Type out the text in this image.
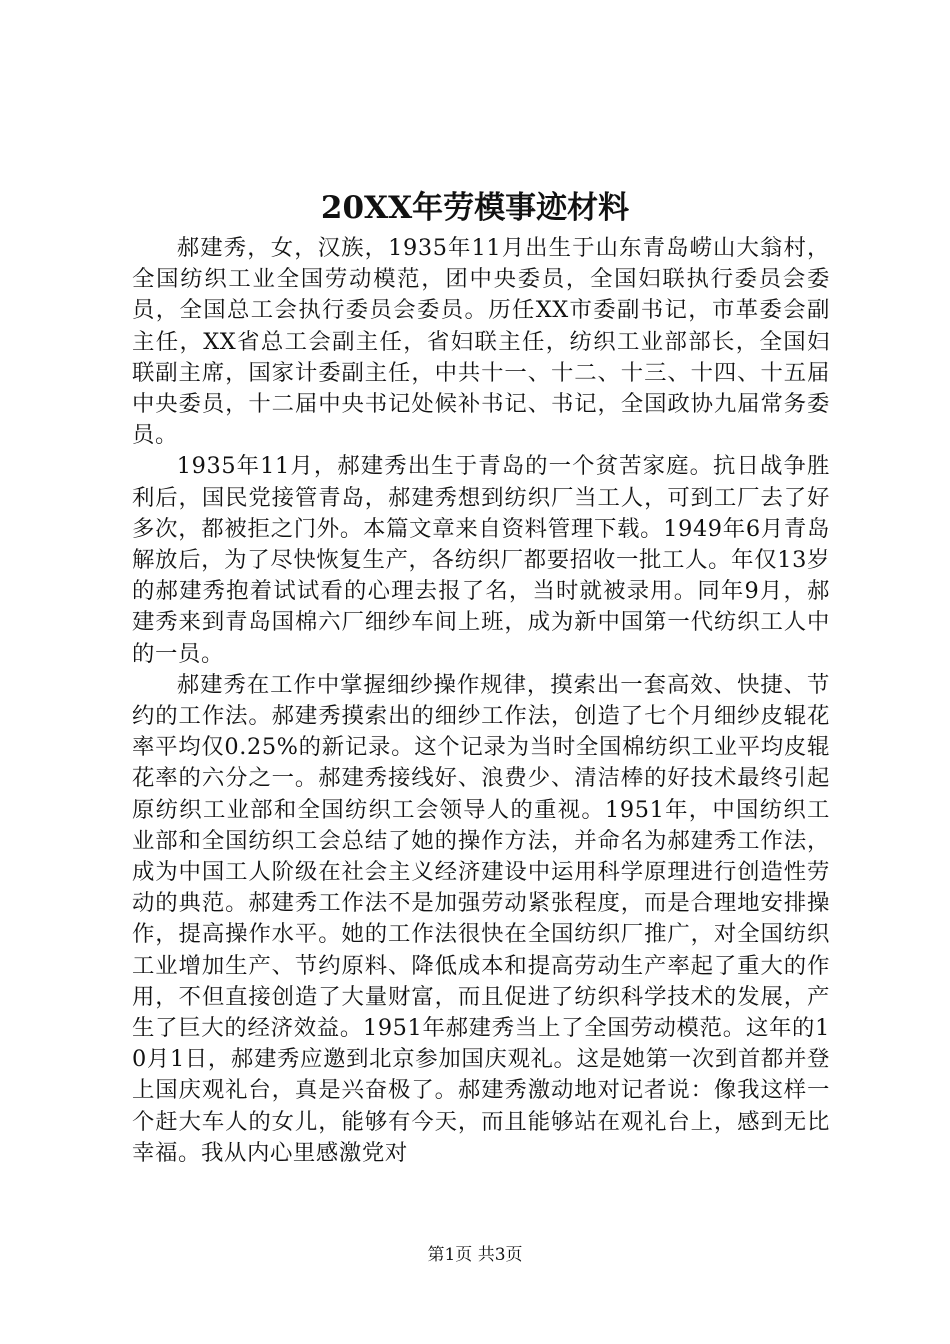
20XX年劳模事迹材料

郝建秀，女，汉族，1935年11月出生于山东青岛崂山大翁村，全国纺织工业全国劳动模范，团中央委员，全国妇联执行委员会委员，全国总工会执行委员会委员。历任XX市委副书记，市革委会副主任，XX省总工会副主任，省妇联主任，纺织工业部部长，全国妇联副主席，国家计委副主任，中共十一、十二、十三、十四、十五届中央委员，十二届中央书记处候补书记、书记，全国政协九届常务委员。

1935年11月，郝建秀出生于青岛的一个贫苦家庭。抗日战争胜利后，国民党接管青岛，郝建秀想到纺织厂当工人，可到工厂去了好多次，都被拒之门外。本篇文章来自资料管理下载。1949年6月青岛解放后，为了尽快恢复生产，各纺织厂都要招收一批工人。年仅13岁的郝建秀抱着试试看的心理去报了名，当时就被录用。同年9月，郝建秀来到青岛国棉六厂细纱车间上班，成为新中国第一代纺织工人中的一员。

郝建秀在工作中掌握细纱操作规律，摸索出一套高效、快捷、节约的工作法。郝建秀摸索出的细纱工作法，创造了七个月细纱皮辊花率平均仅0.25%的新记录。这个记录为当时全国棉纺织工业平均皮辊花率的六分之一。郝建秀接线好、浪费少、清洁棒的好技术最终引起原纺织工业部和全国纺织工会领导人的重视。1951年，中国纺织工业部和全国纺织工会总结了她的操作方法，并命名为郝建秀工作法，成为中国工人阶级在社会主义经济建设中运用科学原理进行创造性劳动的典范。郝建秀工作法不是加强劳动紧张程度，而是合理地安排操作，提高操作水平。她的工作法很快在全国纺织厂推广，对全国纺织工业增加生产、节约原料、降低成本和提高劳动生产率起了重大的作用，不但直接创造了大量财富，而且促进了纺织科学技术的发展，产生了巨大的经济效益。1951年郝建秀当上了全国劳动模范。这年的10月1日，郝建秀应邀到北京参加国庆观礼。这是她第一次到首都并登上国庆观礼台，真是兴奋极了。郝建秀激动地对记者说：像我这样一个赶大车人的女儿，能够有今天，而且能够站在观礼台上，感到无比幸福。我从内心里感激党对

第1页 共3页
